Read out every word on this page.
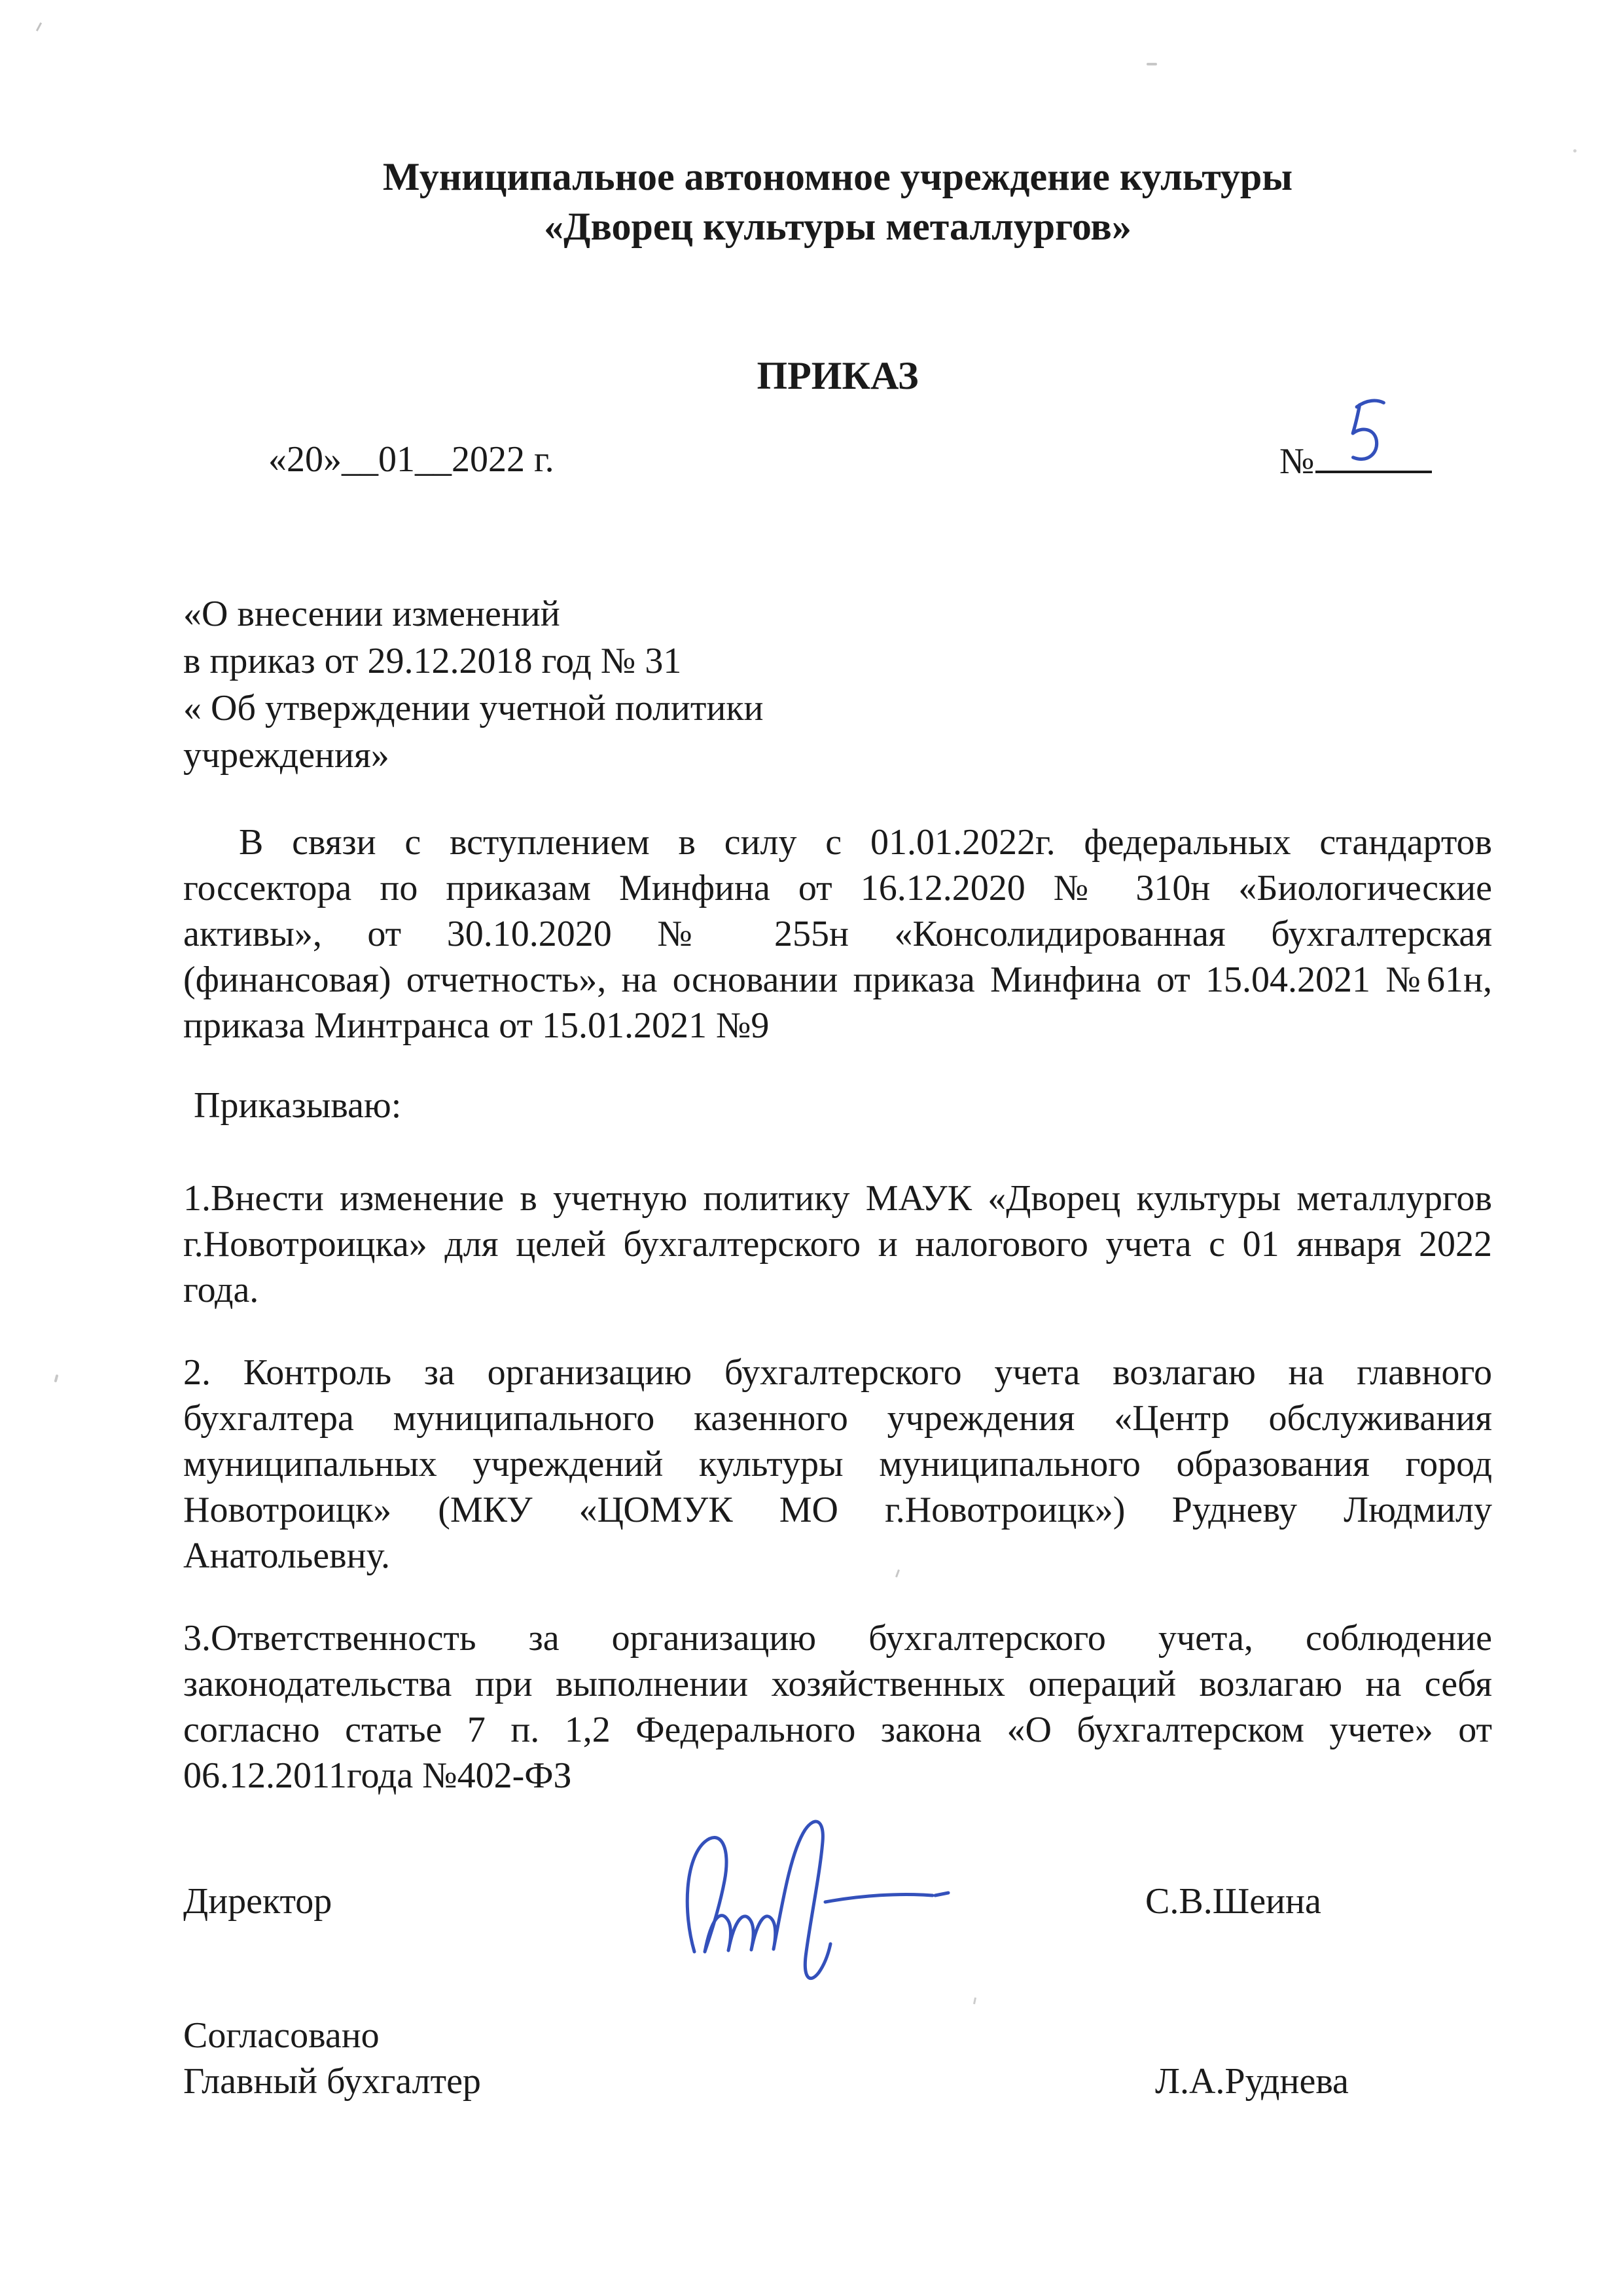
Муниципальное автономное учреждение культуры
«Дворец культуры металлургов»
ПРИКАЗ
«20»__01__2022 г.	№
«О внесении изменений
в приказ от 29.12.2018 год № 31
« Об утверждении учетной политики
учреждения»
В связи с вступлением в силу с 01.01.2022г. федеральных стандартов
госсектора по приказам Минфина от 16.12.2020 № 310н «Биологические
активы», от 30.10.2020 № 255н «Консолидированная бухгалтерская
(финансовая) отчетность», на основании приказа Минфина от 15.04.2021 №61н,
приказа Минтранса от 15.01.2021 №9
Приказываю:
1.Внести изменение в учетную политику МАУК «Дворец культуры металлургов
г.Новотроицка» для целей бухгалтерского и налогового учета с 01 января 2022
года.
2. Контроль за организацию бухгалтерского учета возлагаю на главного
бухгалтера муниципального казенного учреждения «Центр обслуживания
муниципальных учреждений культуры муниципального образования город
Новотроицк» (МКУ «ЦОМУК МО г.Новотроицк») Рудневу Людмилу
Анатольевну.
3.Ответственность за организацию бухгалтерского учета, соблюдение
законодательства при выполнении хозяйственных операций возлагаю на себя
согласно статье 7 п. 1,2 Федерального закона «О бухгалтерском учете» от
06.12.2011года №402-ФЗ
Директор	С.В.Шеина
Согласовано
Главный бухгалтер	Л.А.Руднева
